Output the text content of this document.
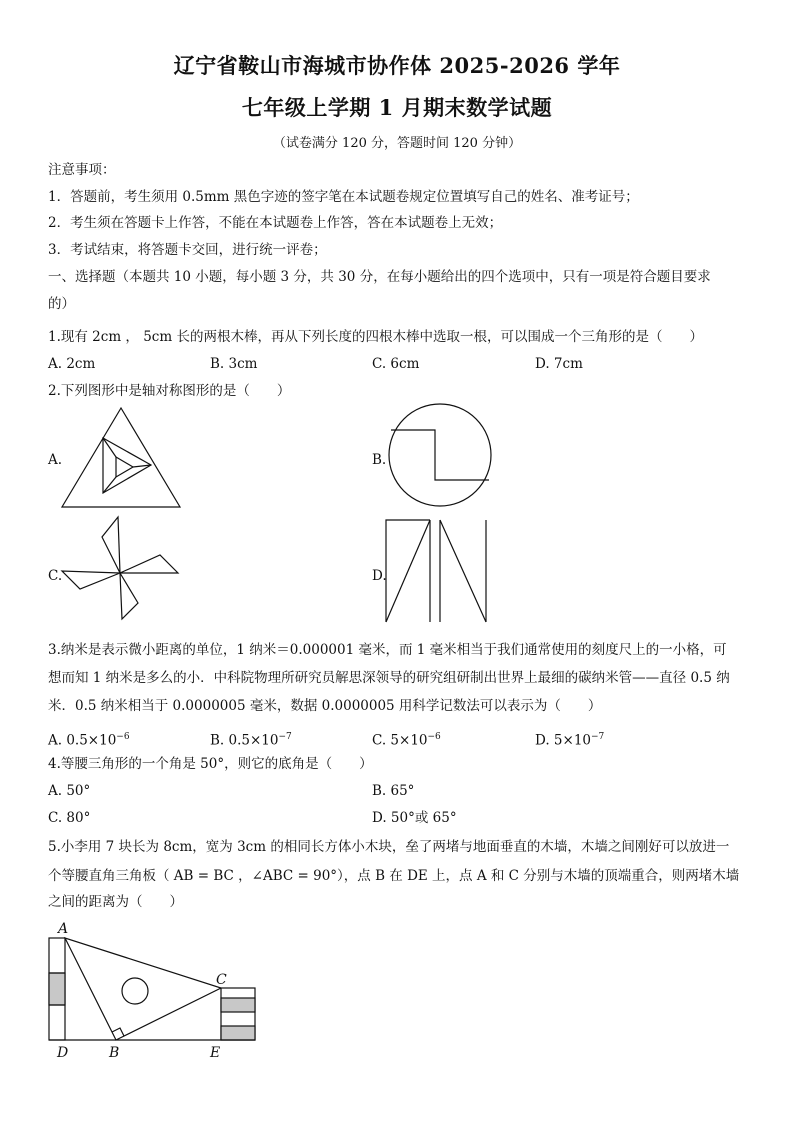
辽宁省鞍山市海城市协作体 2025-2026 学年
七年级上学期 1 月期末数学试题
（试卷满分 120 分，答题时间 120 分钟）
注意事项：
1．答题前，考生须用 0.5mm 黑色字迹的签字笔在本试题卷规定位置填写自己的姓名、准考证号；
2．考生须在答题卡上作答，不能在本试题卷上作答，答在本试题卷上无效；
3．考试结束，将答题卡交回，进行统一评卷；
一、选择题（本题共 10 小题，每小题 3 分，共 30 分，在每小题给出的四个选项中，只有一项是符合题目要求
的）
1.现有 2cm ， 5cm 长的两根木棒，再从下列长度的四根木棒中选取一根，可以围成一个三角形的是（　　）
A. 2cm	B. 3cm	C. 6cm	D. 7cm
2.下列图形中是轴对称图形的是（　　）
A.	B.
C.	D.
3.纳米是表示微小距离的单位，1 纳米＝0.000001 毫米，而 1 毫米相当于我们通常使用的刻度尺上的一小格，可
想而知 1 纳米是多么的小．中科院物理所研究员解思深领导的研究组研制出世界上最细的碳纳米管——直径 0.5 纳
米．0.5 纳米相当于 0.0000005 毫米，数据 0.0000005 用科学记数法可以表示为（　　）
A. $0.5\times 10^{-6}$	B. $0.5\times 10^{-7}$	C. $5\times 10^{-6}$	D. $5\times 10^{-7}$
4.等腰三角形的一个角是 50°，则它的底角是（　　）
A. 50°	B. 65°
C. 80°	D. 50°或 65°
5.小李用 7 块长为 8cm，宽为 3cm 的相同长方体小木块，垒了两堵与地面垂直的木墙，木墙之间刚好可以放进一
个等腰直角三角板（ AB = BC ，∠ABC = 90°），点 B 在 DE 上，点 A 和 C 分别与木墙的顶端重合，则两堵木墙
之间的距离为（　　）
A
C
D	B	E
